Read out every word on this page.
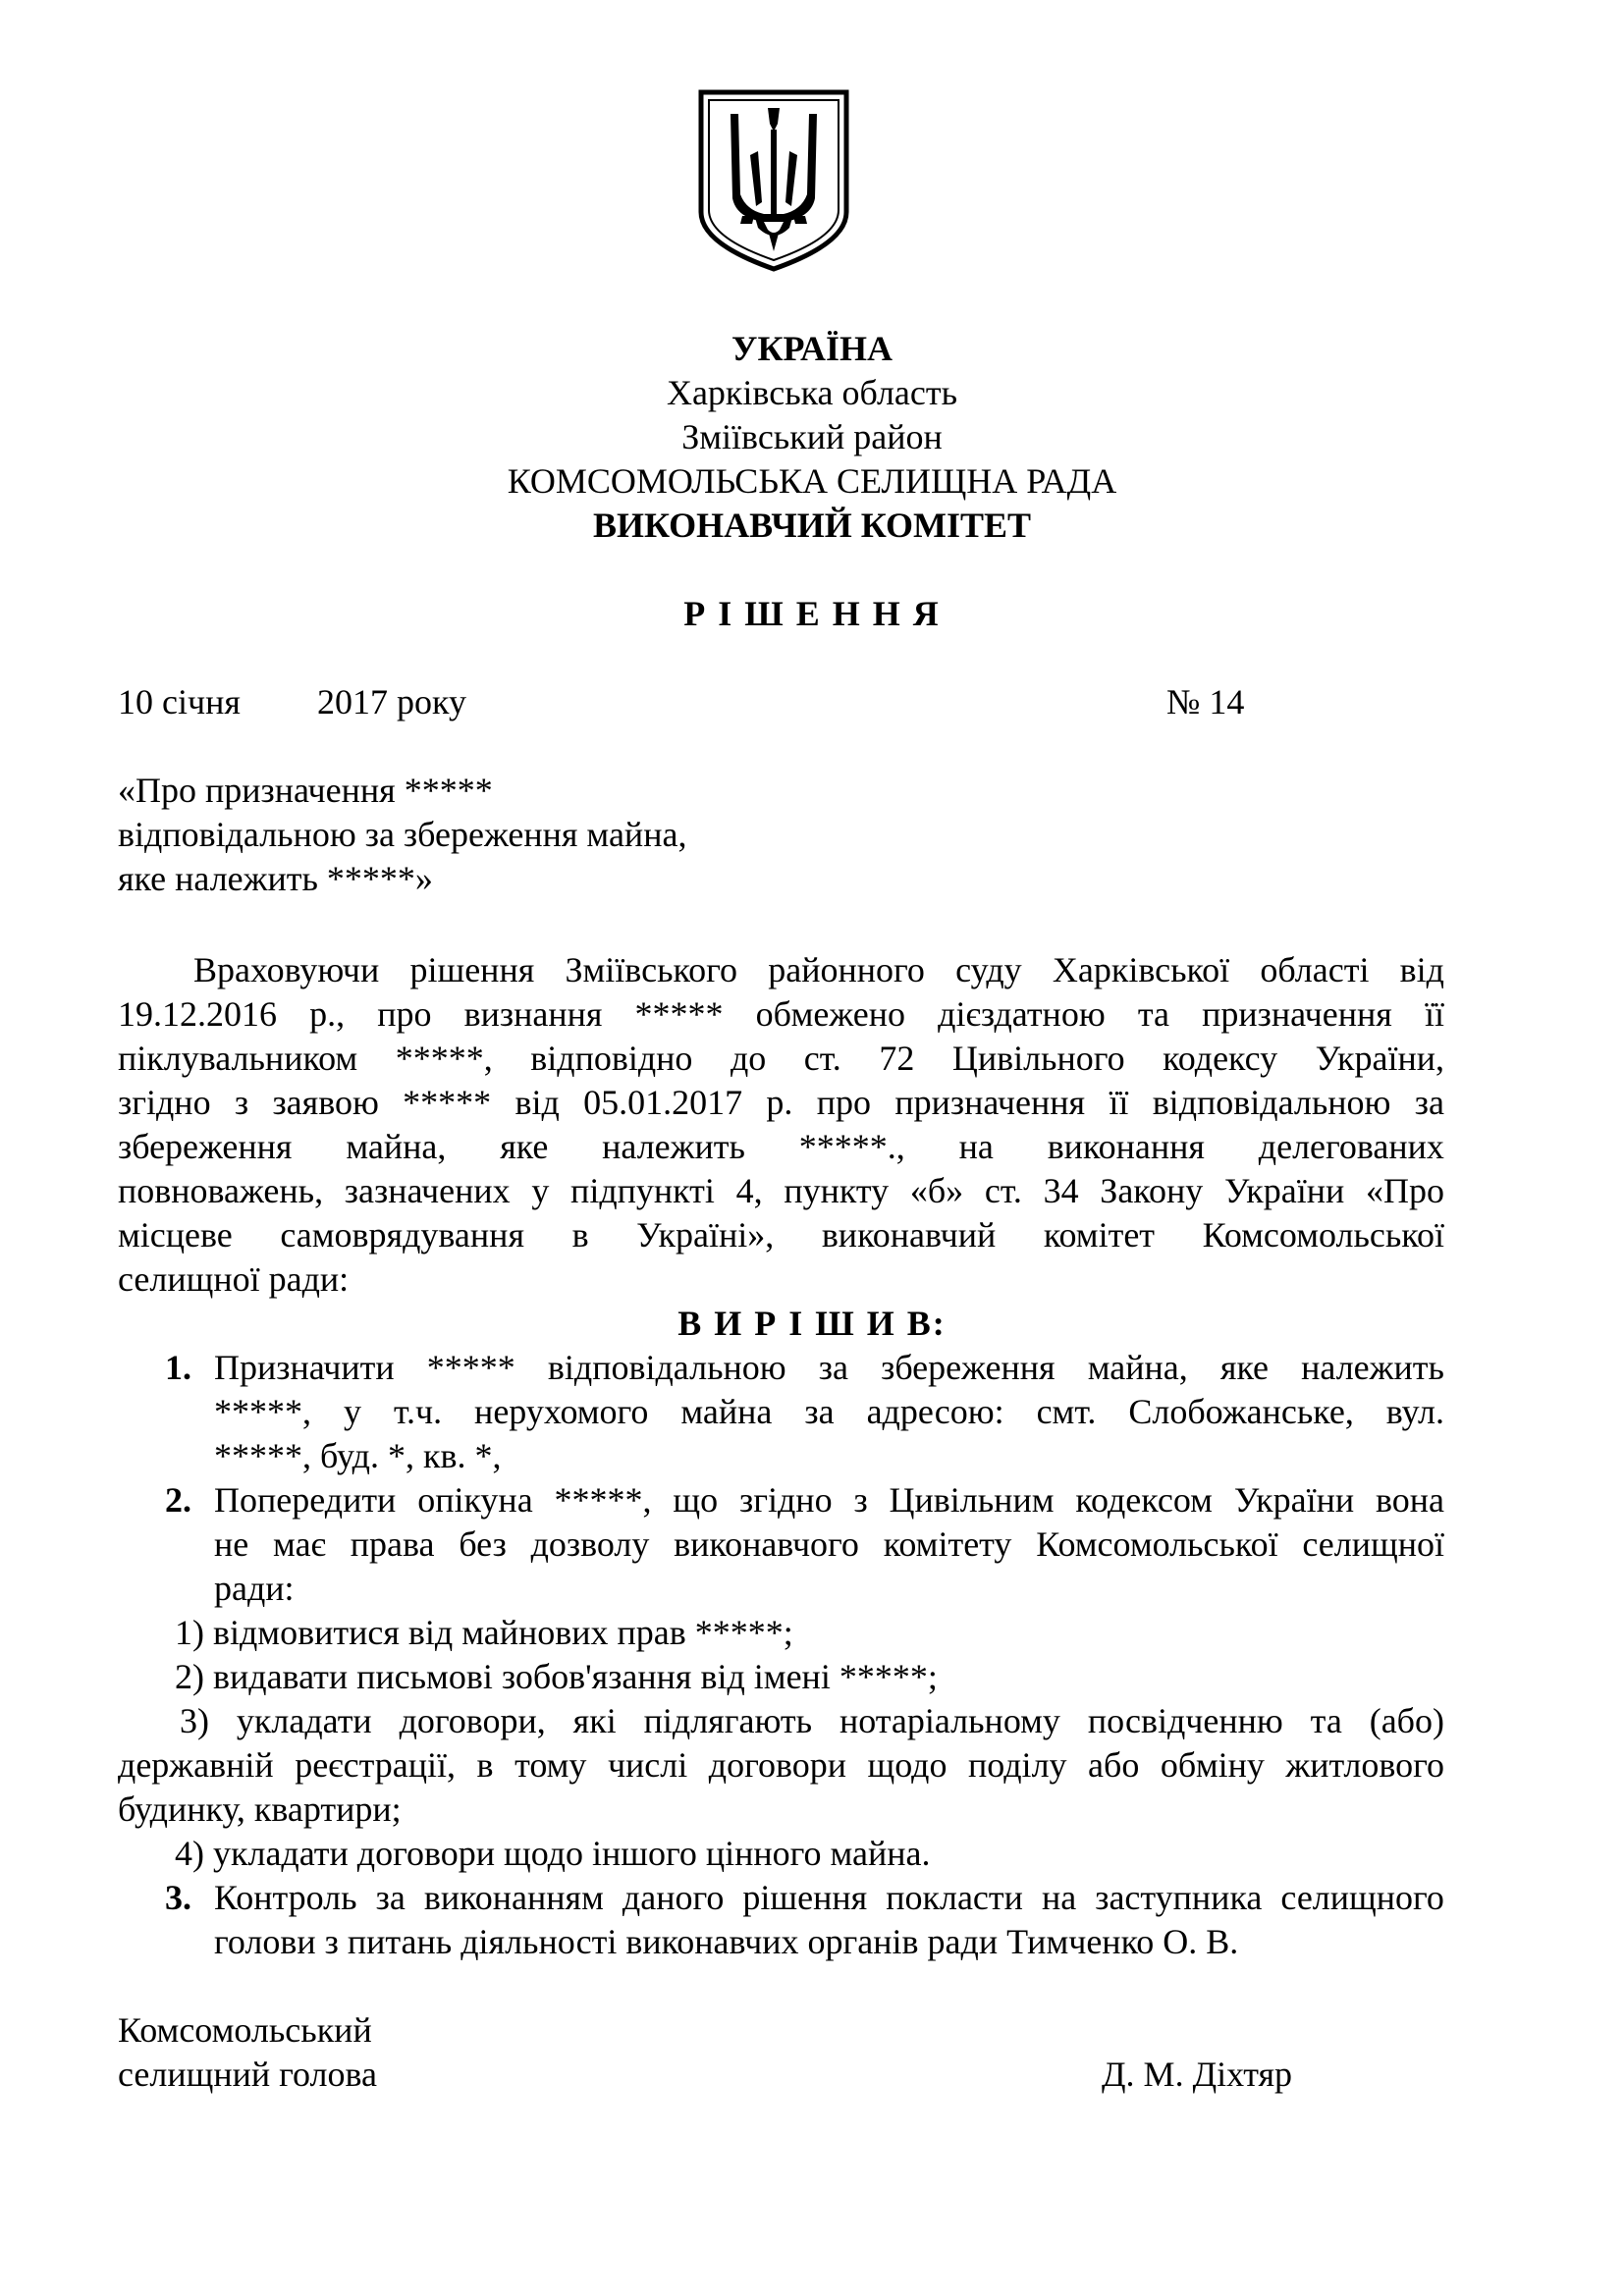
УКРАЇНА
Харківська область
Зміївський район
КОМСОМОЛЬСЬКА СЕЛИЩНА РАДА
ВИКОНАВЧИЙ КОМІТЕТ
Р І Ш Е Н Н Я
10 січня 2017 року	№ 14
«Про призначення *****
відповідальною за збереження майна,
яке належить *****»
Враховуючи рішення Зміївського районного суду Харківської області від
19.12.2016 р., про визнання ***** обмежено дієздатною та призначення її
піклувальником *****, відповідно до ст. 72 Цивільного кодексу України,
згідно з заявою ***** від 05.01.2017 р. про призначення її відповідальною за
збереження майна, яке належить *****., на виконання делегованих
повноважень, зазначених у підпункті 4, пункту «б» ст. 34 Закону України «Про
місцеве самоврядування в Україні», виконавчий комітет Комсомольської
селищної ради:
В И Р І Ш И В:
1. Призначити ***** відповідальною за збереження майна, яке належить
*****, у т.ч. нерухомого майна за адресою: смт. Слобожанське, вул.
*****, буд. *, кв. *,
2. Попередити опікуна *****, що згідно з Цивільним кодексом України вона
не має права без дозволу виконавчого комітету Комсомольської селищної
ради:
1) відмовитися від майнових прав *****;
2) видавати письмові зобов'язання від імені *****;
3) укладати договори, які підлягають нотаріальному посвідченню та (або)
державній реєстрації, в тому числі договори щодо поділу або обміну житлового
будинку, квартири;
4) укладати договори щодо іншого цінного майна.
3. Контроль за виконанням даного рішення покласти на заступника селищного
голови з питань діяльності виконавчих органів ради Тимченко О. В.
Комсомольський
селищний голова	Д. М. Діхтяр
